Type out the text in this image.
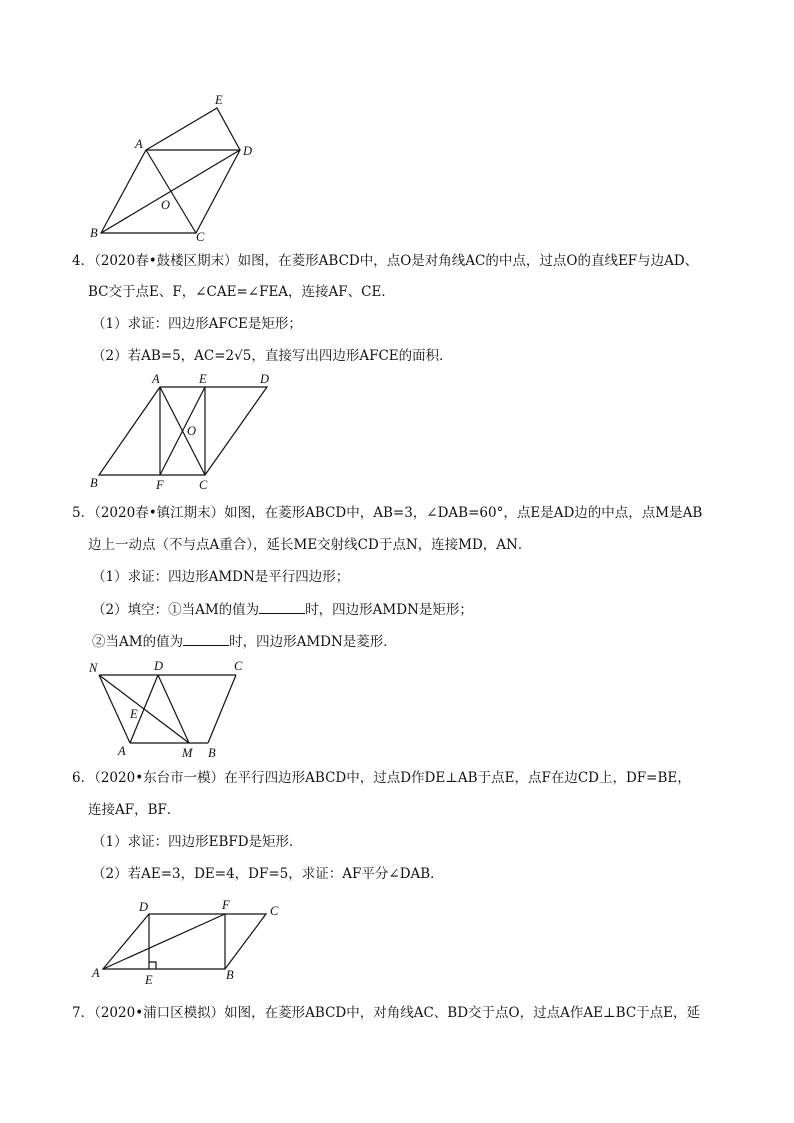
E
A	D
O
B	C
4．（2020春•鼓楼区期末）如图，在菱形ABCD中，点O是对角线AC的中点，过点O的直线EF与边AD、
BC交于点E、F，∠CAE=∠FEA，连接AF、CE．
（1）求证：四边形AFCE是矩形；
（2）若AB=5，AC=2√5，直接写出四边形AFCE的面积．
A	E	D
O
B	F	C
5．（2020春•镇江期末）如图，在菱形ABCD中，AB=3，∠DAB=60°，点E是AD边的中点，点M是AB
边上一动点（不与点A重合），延长ME交射线CD于点N，连接MD，AN．
（1）求证：四边形AMDN是平行四边形；
（2）填空：①当AM的值为	时，四边形AMDN是矩形；
②当AM的值为	时，四边形AMDN是菱形．
N	D	C
E
A	M B
6．（2020•东台市一模）在平行四边形ABCD中，过点D作DE⊥AB于点E，点F在边CD上，DF=BE，
连接AF，BF．
（1）求证：四边形EBFD是矩形．
（2）若AE=3，DE=4，DF=5，求证：AF平分∠DAB．
D	F	C
A	E	B
7．（2020•浦口区模拟）如图，在菱形ABCD中，对角线AC、BD交于点O，过点A作AE⊥BC于点E，延
